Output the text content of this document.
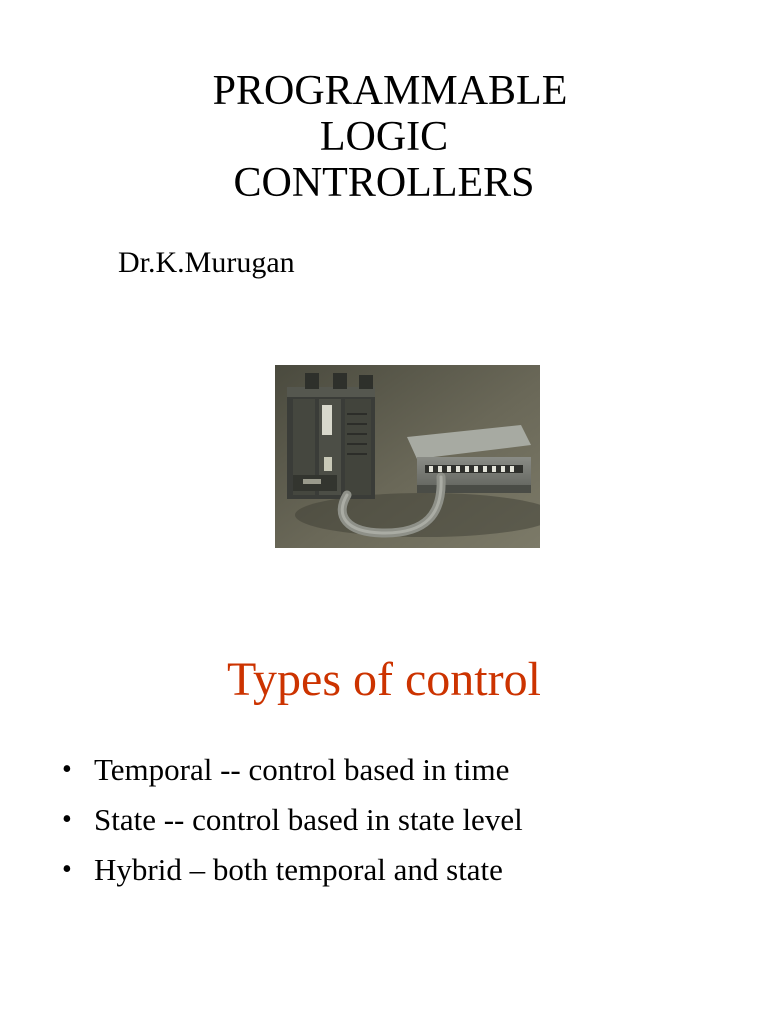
PROGRAMMABLE
LOGIC
CONTROLLERS
Dr.K.Murugan
Types of control
• Temporal -- control based in time
• State -- control based in state level
• Hybrid – both temporal and state
